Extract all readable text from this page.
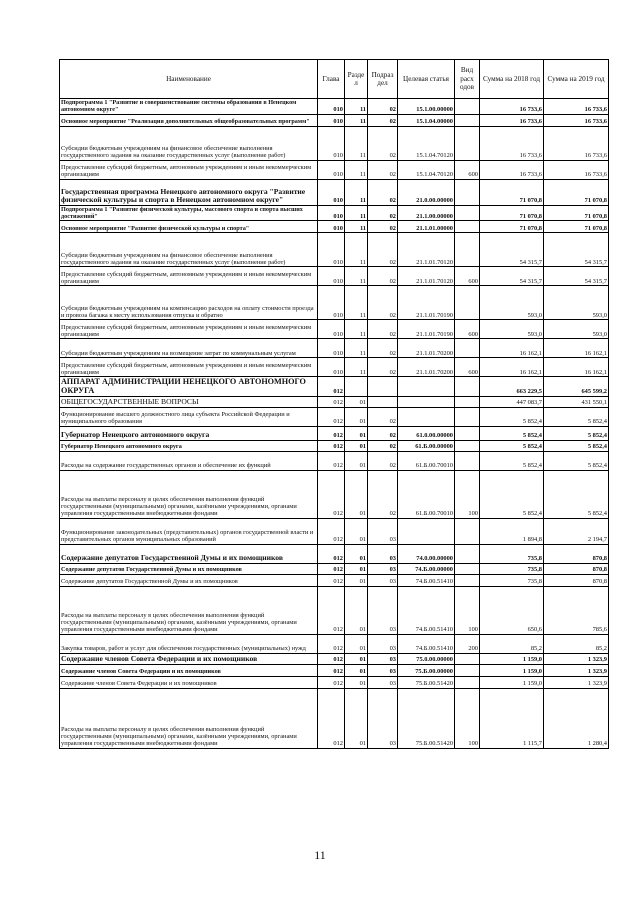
Наименование	Глава	Разде л	Подраз дел	Целевая статья	Вид расх одов	Сумма на 2018 год	Сумма на 2019 год
Подпрограмма 1 "Развитие и совершенствование системы образования в Ненецком автономном округе"	010	11	02	15.1.00.00000		16 733,6	16 733,6
Основное мероприятие "Реализация дополнительных общеобразовательных программ"	010	11	02	15.1.04.00000		16 733,6	16 733,6
Субсидии бюджетным учреждениям на финансовое обеспечение выполнения государственного задания на оказание государственных услуг (выполнение работ)	010	11	02	15.1.04.70120		16 733,6	16 733,6
Предоставление субсидий бюджетным, автономным учреждениям и иным некоммерческим организациям	010	11	02	15.1.04.70120	600	16 733,6	16 733,6
Государственная программа Ненецкого автономного округа "Развитие физической культуры и спорта в Ненецком автономном округе"	010	11	02	21.0.00.00000		71 070,8	71 070,8
Подпрограмма 1 "Развитие физической культуры, массового спорта и спорта высших достижений"	010	11	02	21.1.00.00000		71 070,8	71 070,8
Основное мероприятие "Развитие физической культуры и спорта"	010	11	02	21.1.01.00000		71 070,8	71 070,8
Субсидии бюджетным учреждениям на финансовое обеспечение выполнения государственного задания на оказание государственных услуг (выполнение работ)	010	11	02	21.1.01.70120		54 315,7	54 315,7
Предоставление субсидий бюджетным, автономным учреждениям и иным некоммерческим организациям	010	11	02	21.1.01.70120	600	54 315,7	54 315,7
Субсидии бюджетным учреждениям на компенсацию расходов на оплату стоимости проезда и провоза багажа к месту использования отпуска и обратно	010	11	02	21.1.01.70190		593,0	593,0
Предоставление субсидий бюджетным, автономным учреждениям и иным некоммерческим организациям	010	11	02	21.1.01.70190	600	593,0	593,0
Субсидии бюджетным учреждениям на возмещение затрат по коммунальным услугам	010	11	02	21.1.01.70200		16 162,1	16 162,1
Предоставление субсидий бюджетным, автономным учреждениям и иным некоммерческим организациям	010	11	02	21.1.01.70200	600	16 162,1	16 162,1
АППАРАТ АДМИНИСТРАЦИИ НЕНЕЦКОГО АВТОНОМНОГО ОКРУГА	012					663 229,5	645 599,2
ОБЩЕГОСУДАРСТВЕННЫЕ ВОПРОСЫ	012	01				447 083,7	431 550,1
Функционирование высшего должностного лица субъекта Российской Федерации и муниципального образования	012	01	02			5 852,4	5 852,4
Губернатор Ненецкого автономного округа	012	01	02	61.0.00.00000		5 852,4	5 852,4
Губернатор Ненецкого автономного округа	012	01	02	61.Б.00.00000		5 852,4	5 852,4
Расходы на содержание государственных органов и обеспечение их функций	012	01	02	61.Б.00.70010		5 852,4	5 852,4
Расходы на выплаты персоналу в целях обеспечения выполнения функций государственными (муниципальными) органами, казёнными учреждениями, органами управления государственными внебюджетными фондами	012	01	02	61.Б.00.70010	100	5 852,4	5 852,4
Функционирование законодательных (представительных) органов государственной власти и представительных органов муниципальных образований	012	01	03			1 894,8	2 194,7
Содержание депутатов Государственной Думы и их помощников	012	01	03	74.0.00.00000		735,8	870,8
Содержание депутатов Государственной Думы и их помощников	012	01	03	74.Б.00.00000		735,8	870,8
Содержание депутатов Государственной Думы и их помощников	012	01	03	74.Б.00.51410		735,8	870,8
Расходы на выплаты персоналу в целях обеспечения выполнения функций государственными (муниципальными) органами, казёнными учреждениями, органами управления государственными внебюджетными фондами	012	01	03	74.Б.00.51410	100	650,6	785,6
Закупка товаров, работ и услуг для обеспечения государственных (муниципальных) нужд	012	01	03	74.Б.00.51410	200	85,2	85,2
Содержание членов Совета Федерации и их помощников	012	01	03	75.0.00.00000		1 159,0	1 323,9
Содержание членов Совета Федерации и их помощников	012	01	03	75.Б.00.00000		1 159,0	1 323,9
Содержание членов Совета Федерации и их помощников	012	01	03	75.Б.00.51420		1 159,0	1 323,9
Расходы на выплаты персоналу в целях обеспечения выполнения функций государственными (муниципальными) органами, казёнными учреждениями, органами управления государственными внебюджетными фондами	012	01	03	75.Б.00.51420	100	1 115,7	1 280,4
11
